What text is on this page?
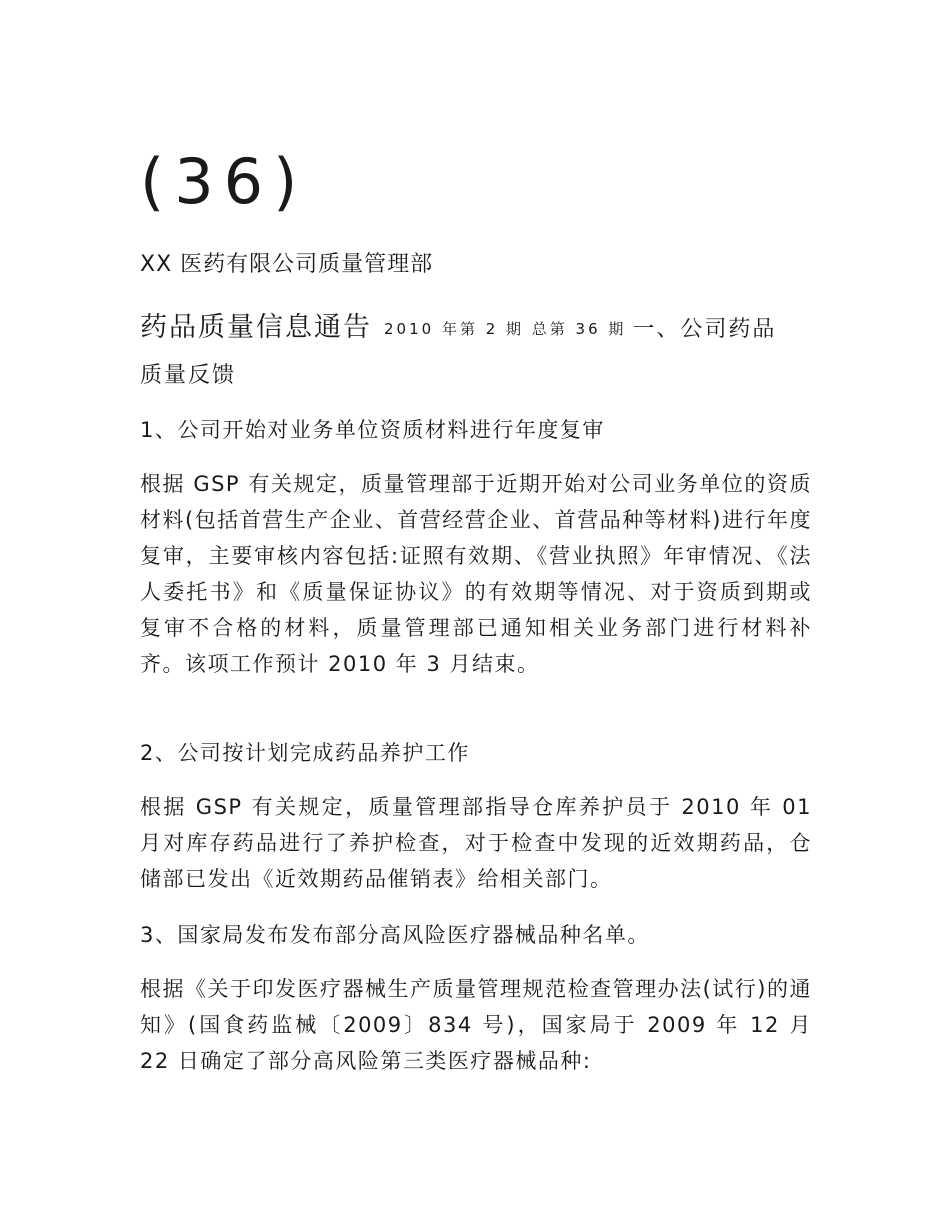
(36)
XX 医药有限公司质量管理部
药品质量信息通告 2010 年第 2 期 总第 36 期 一、公司药品
质量反馈
1、公司开始对业务单位资质材料进行年度复审
根据 GSP 有关规定，质量管理部于近期开始对公司业务单位的资质材料(包括首营生产企业、首营经营企业、首营品种等材料)进行年度复审，主要审核内容包括:证照有效期、《营业执照》年审情况、《法人委托书》和《质量保证协议》的有效期等情况、对于资质到期或复审不合格的材料，质量管理部已通知相关业务部门进行材料补齐。该项工作预计 2010 年 3 月结束。
2、公司按计划完成药品养护工作
根据 GSP 有关规定，质量管理部指导仓库养护员于 2010 年 01 月对库存药品进行了养护检查，对于检查中发现的近效期药品，仓储部已发出《近效期药品催销表》给相关部门。
3、国家局发布发布部分高风险医疗器械品种名单。
根据《关于印发医疗器械生产质量管理规范检查管理办法(试行)的通知》(国食药监械〔2009〕834 号)，国家局于 2009 年 12 月 22 日确定了部分高风险第三类医疗器械品种:
